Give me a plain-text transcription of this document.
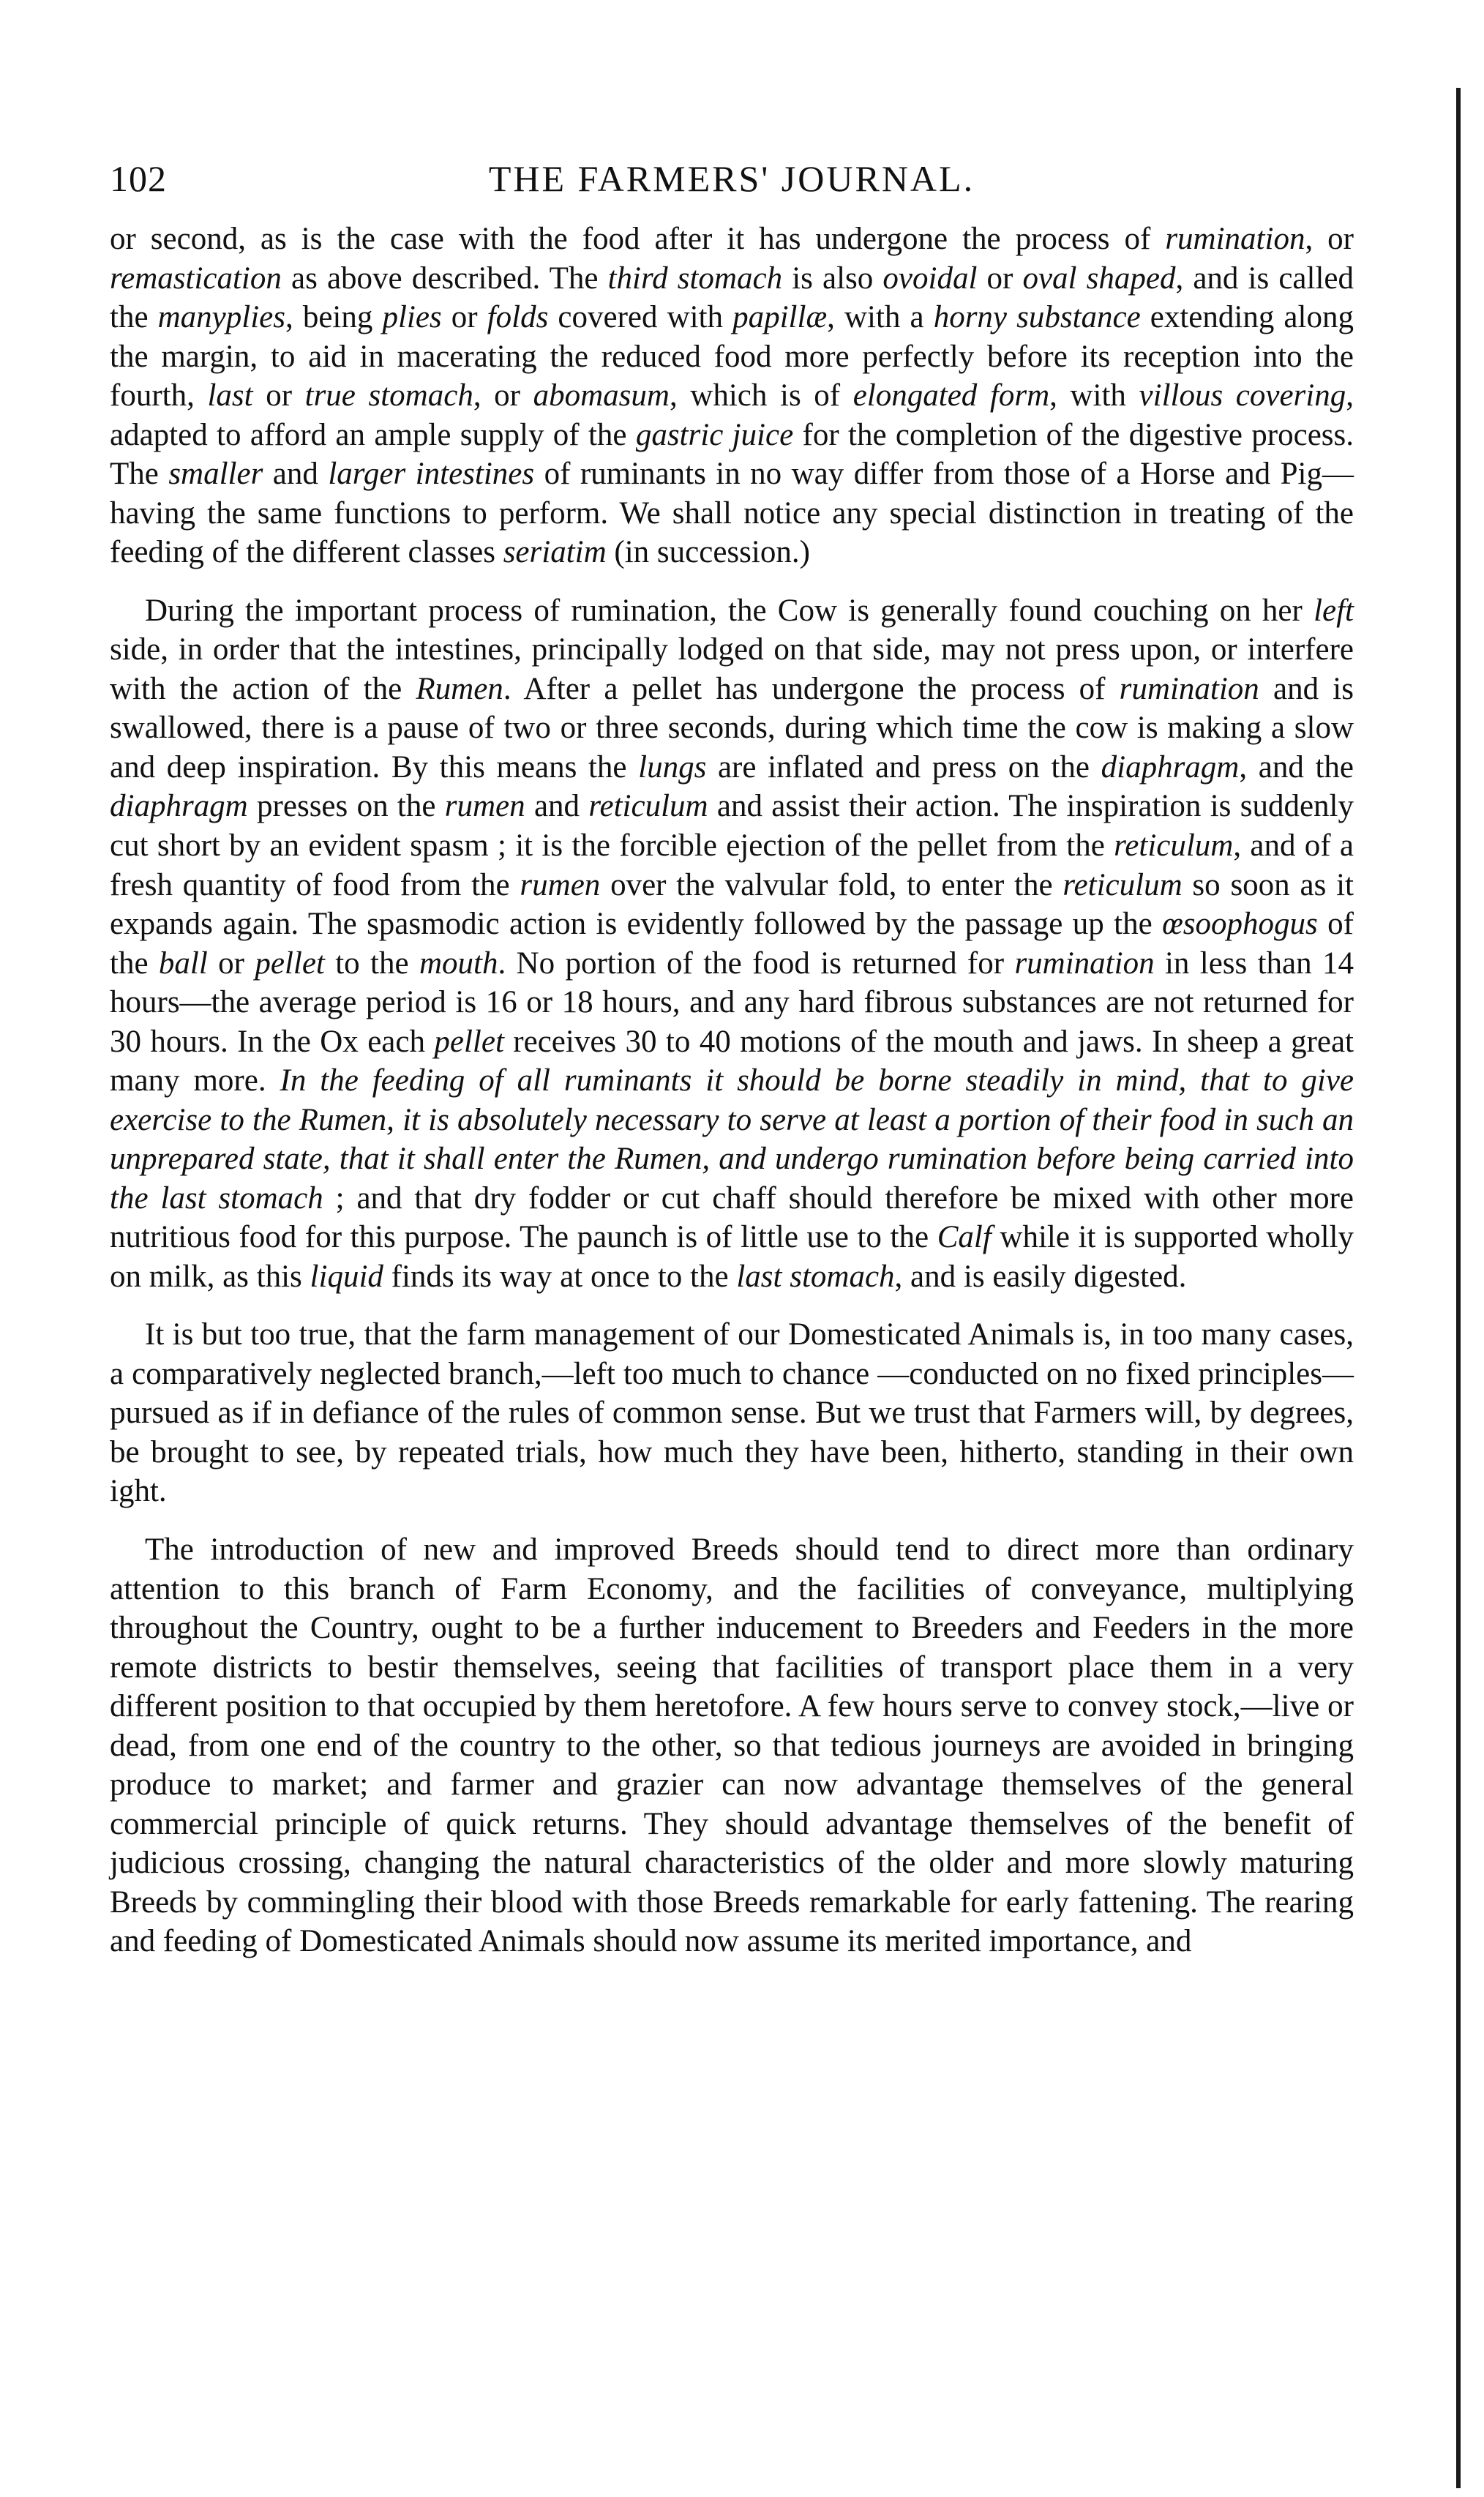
102	THE FARMERS' JOURNAL.

or second, as is the case with the food after it has undergone the process of rumination, or remastication as above described. The third stomach is also ovoidal or oval shaped, and is called the manyplies, being plies or folds covered with papillæ, with a horny substance extending along the margin, to aid in macerating the reduced food more perfectly before its reception into the fourth, last or true stomach, or abomasum, which is of elongated form, with villous covering, adapted to afford an ample supply of the gastric juice for the completion of the digestive process. The smaller and larger intestines of ruminants in no way differ from those of a Horse and Pig—having the same functions to perform. We shall notice any special distinction in treating of the feeding of the different classes seriatim (in succession.)

During the important process of rumination, the Cow is generally found couching on her left side, in order that the intestines, principally lodged on that side, may not press upon, or interfere with the action of the Rumen. After a pellet has undergone the process of rumination and is swallowed, there is a pause of two or three seconds, during which time the cow is making a slow and deep inspiration. By this means the lungs are inflated and press on the diaphragm, and the diaphragm presses on the rumen and reticulum and assist their action. The inspiration is suddenly cut short by an evident spasm ; it is the forcible ejection of the pellet from the reticulum, and of a fresh quantity of food from the rumen over the valvular fold, to enter the reticulum so soon as it expands again. The spasmodic action is evidently followed by the passage up the œsoophogus of the ball or pellet to the mouth. No portion of the food is returned for rumination in less than 14 hours—the average period is 16 or 18 hours, and any hard fibrous substances are not returned for 30 hours. In the Ox each pellet receives 30 to 40 motions of the mouth and jaws. In sheep a great many more. In the feeding of all ruminants it should be borne steadily in mind, that to give exercise to the Rumen, it is absolutely necessary to serve at least a portion of their food in such an unprepared state, that it shall enter the Rumen, and undergo rumination before being carried into the last stomach ; and that dry fodder or cut chaff should therefore be mixed with other more nutritious food for this purpose. The paunch is of little use to the Calf while it is supported wholly on milk, as this liquid finds its way at once to the last stomach, and is easily digested.

It is but too true, that the farm management of our Domesticated Animals is, in too many cases, a comparatively neglected branch,—left too much to chance —conducted on no fixed principles—pursued as if in defiance of the rules of common sense. But we trust that Farmers will, by degrees, be brought to see, by repeated trials, how much they have been, hitherto, standing in their own ight.

The introduction of new and improved Breeds should tend to direct more than ordinary attention to this branch of Farm Economy, and the facilities of conveyance, multiplying throughout the Country, ought to be a further inducement to Breeders and Feeders in the more remote districts to bestir themselves, seeing that facilities of transport place them in a very different position to that occupied by them heretofore. A few hours serve to convey stock,—live or dead, from one end of the country to the other, so that tedious journeys are avoided in bringing produce to market; and farmer and grazier can now advantage themselves of the general commercial principle of quick returns. They should advantage themselves of the benefit of judicious crossing, changing the natural characteristics of the older and more slowly maturing Breeds by commingling their blood with those Breeds remarkable for early fattening. The rearing and feeding of Domesticated Animals should now assume its merited importance, and
